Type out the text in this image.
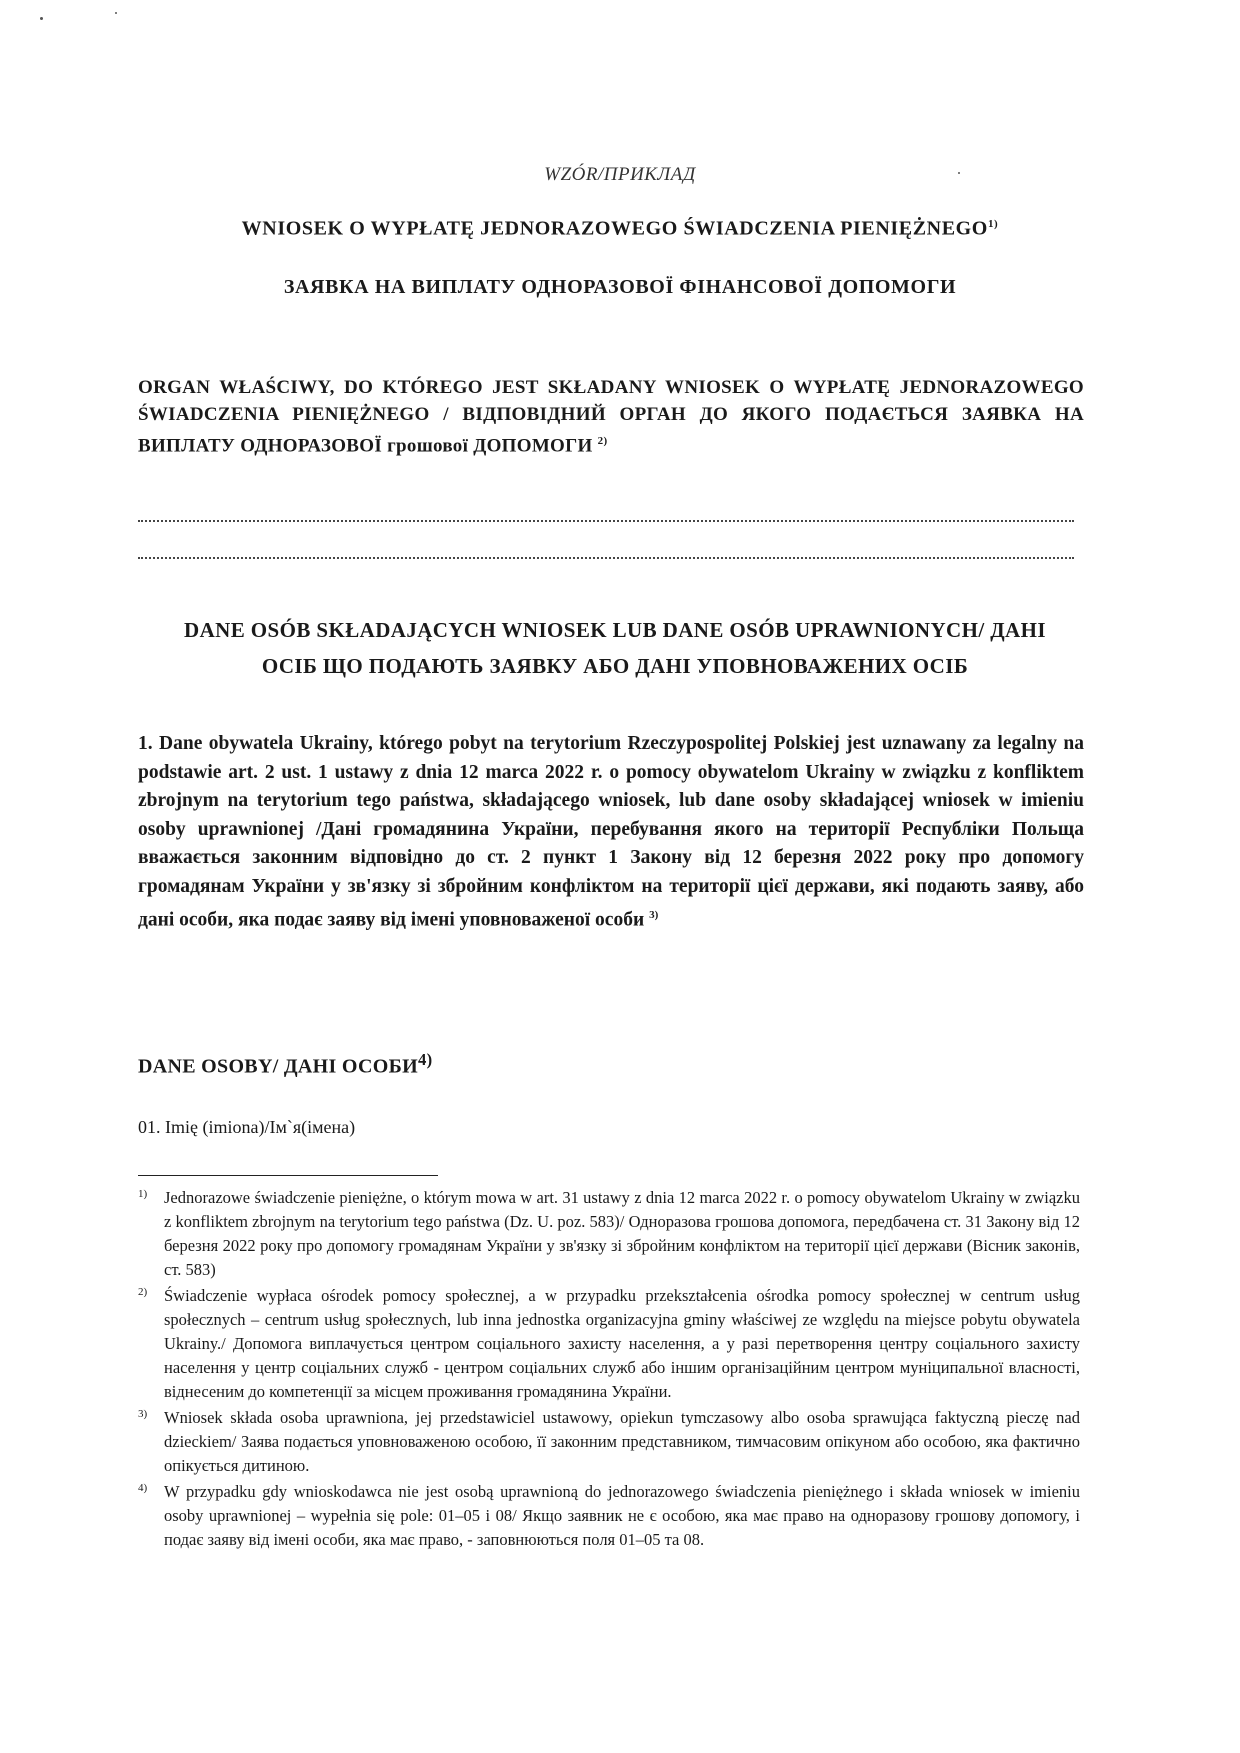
WZÓR/ПРИКЛАД
WNIOSEK O WYPŁATĘ JEDNORAZOWEGO ŚWIADCZENIA PIENIĘŻNEGO$^{1)}$
ЗАЯВКА НА ВИПЛАТУ ОДНОРАЗОВОЇ ФІНАНСОВОЇ ДОПОМОГИ
ORGAN WŁAŚCIWY, DO KTÓREGO JEST SKŁADANY WNIOSEK O WYPŁATĘ JEDNORAZOWEGO ŚWIADCZENIA PIENIĘŻNEGO / ВІДПОВІДНИЙ ОРГАН ДО ЯКОГО ПОДАЄТЬСЯ ЗАЯВКА НА ВИПЛАТУ ОДНОРАЗОВОЇ грошової ДОПОМОГИ $^{2)}$
DANE OSÓB SKŁADAJĄCYCH WNIOSEK LUB DANE OSÓB UPRAWNIONYCH/ ДАНІ
ОСІБ ЩО ПОДАЮТЬ ЗАЯВКУ АБО ДАНІ УПОВНОВАЖЕНИХ ОСІБ
1. Dane obywatela Ukrainy, którego pobyt na terytorium Rzeczypospolitej Polskiej jest uznawany za legalny na podstawie art. 2 ust. 1 ustawy z dnia 12 marca 2022 r. o pomocy obywatelom Ukrainy w związku z konfliktem zbrojnym na terytorium tego państwa, składającego wniosek, lub dane osoby składającej wniosek w imieniu osoby uprawnionej /Дані громадянина України, перебування якого на території Республіки Польща вважається законним відповідно до ст. 2 пункт 1 Закону від 12 березня 2022 року про допомогу громадянам України у зв'язку зі збройним конфліктом на території цієї держави, які подають заяву, або дані особи, яка подає заяву від імені уповноваженої особи $^{3)}$
DANE OSOBY/ ДАНІ ОСОБИ$^{4)}$
01. Imię (imiona)/Ім`я(імена)
1) Jednorazowe świadczenie pieniężne, o którym mowa w art. 31 ustawy z dnia 12 marca 2022 r. o pomocy obywatelom Ukrainy w związku z konfliktem zbrojnym na terytorium tego państwa (Dz. U. poz. 583)/ Одноразова грошова допомога, передбачена ст. 31 Закону від 12 березня 2022 року про допомогу громадянам України у зв'язку зі збройним конфліктом на території цієї держави (Вісник законів, ст. 583)
2) Świadczenie wypłaca ośrodek pomocy społecznej, a w przypadku przekształcenia ośrodka pomocy społecznej w centrum usług społecznych – centrum usług społecznych, lub inna jednostka organizacyjna gminy właściwej ze względu na miejsce pobytu obywatela Ukrainy./ Допомога виплачується центром соціального захисту населення, а у разі перетворення центру соціального захисту населення у центр соціальних служб - центром соціальних служб або іншим організаційним центром муніципальної власності, віднесеним до компетенції за місцем проживання громадянина України.
3) Wniosek składa osoba uprawniona, jej przedstawiciel ustawowy, opiekun tymczasowy albo osoba sprawująca faktyczną pieczę nad dzieckiem/ Заява подається уповноваженою особою, її законним представником, тимчасовим опікуном або особою, яка фактично опікується дитиною.
4) W przypadku gdy wnioskodawca nie jest osobą uprawnioną do jednorazowego świadczenia pieniężnego i składa wniosek w imieniu osoby uprawnionej – wypełnia się pole: 01–05 i 08/ Якщо заявник не є особою, яка має право на одноразову грошову допомогу, і подає заяву від імені особи, яка має право, - заповнюються поля 01–05 та 08.
